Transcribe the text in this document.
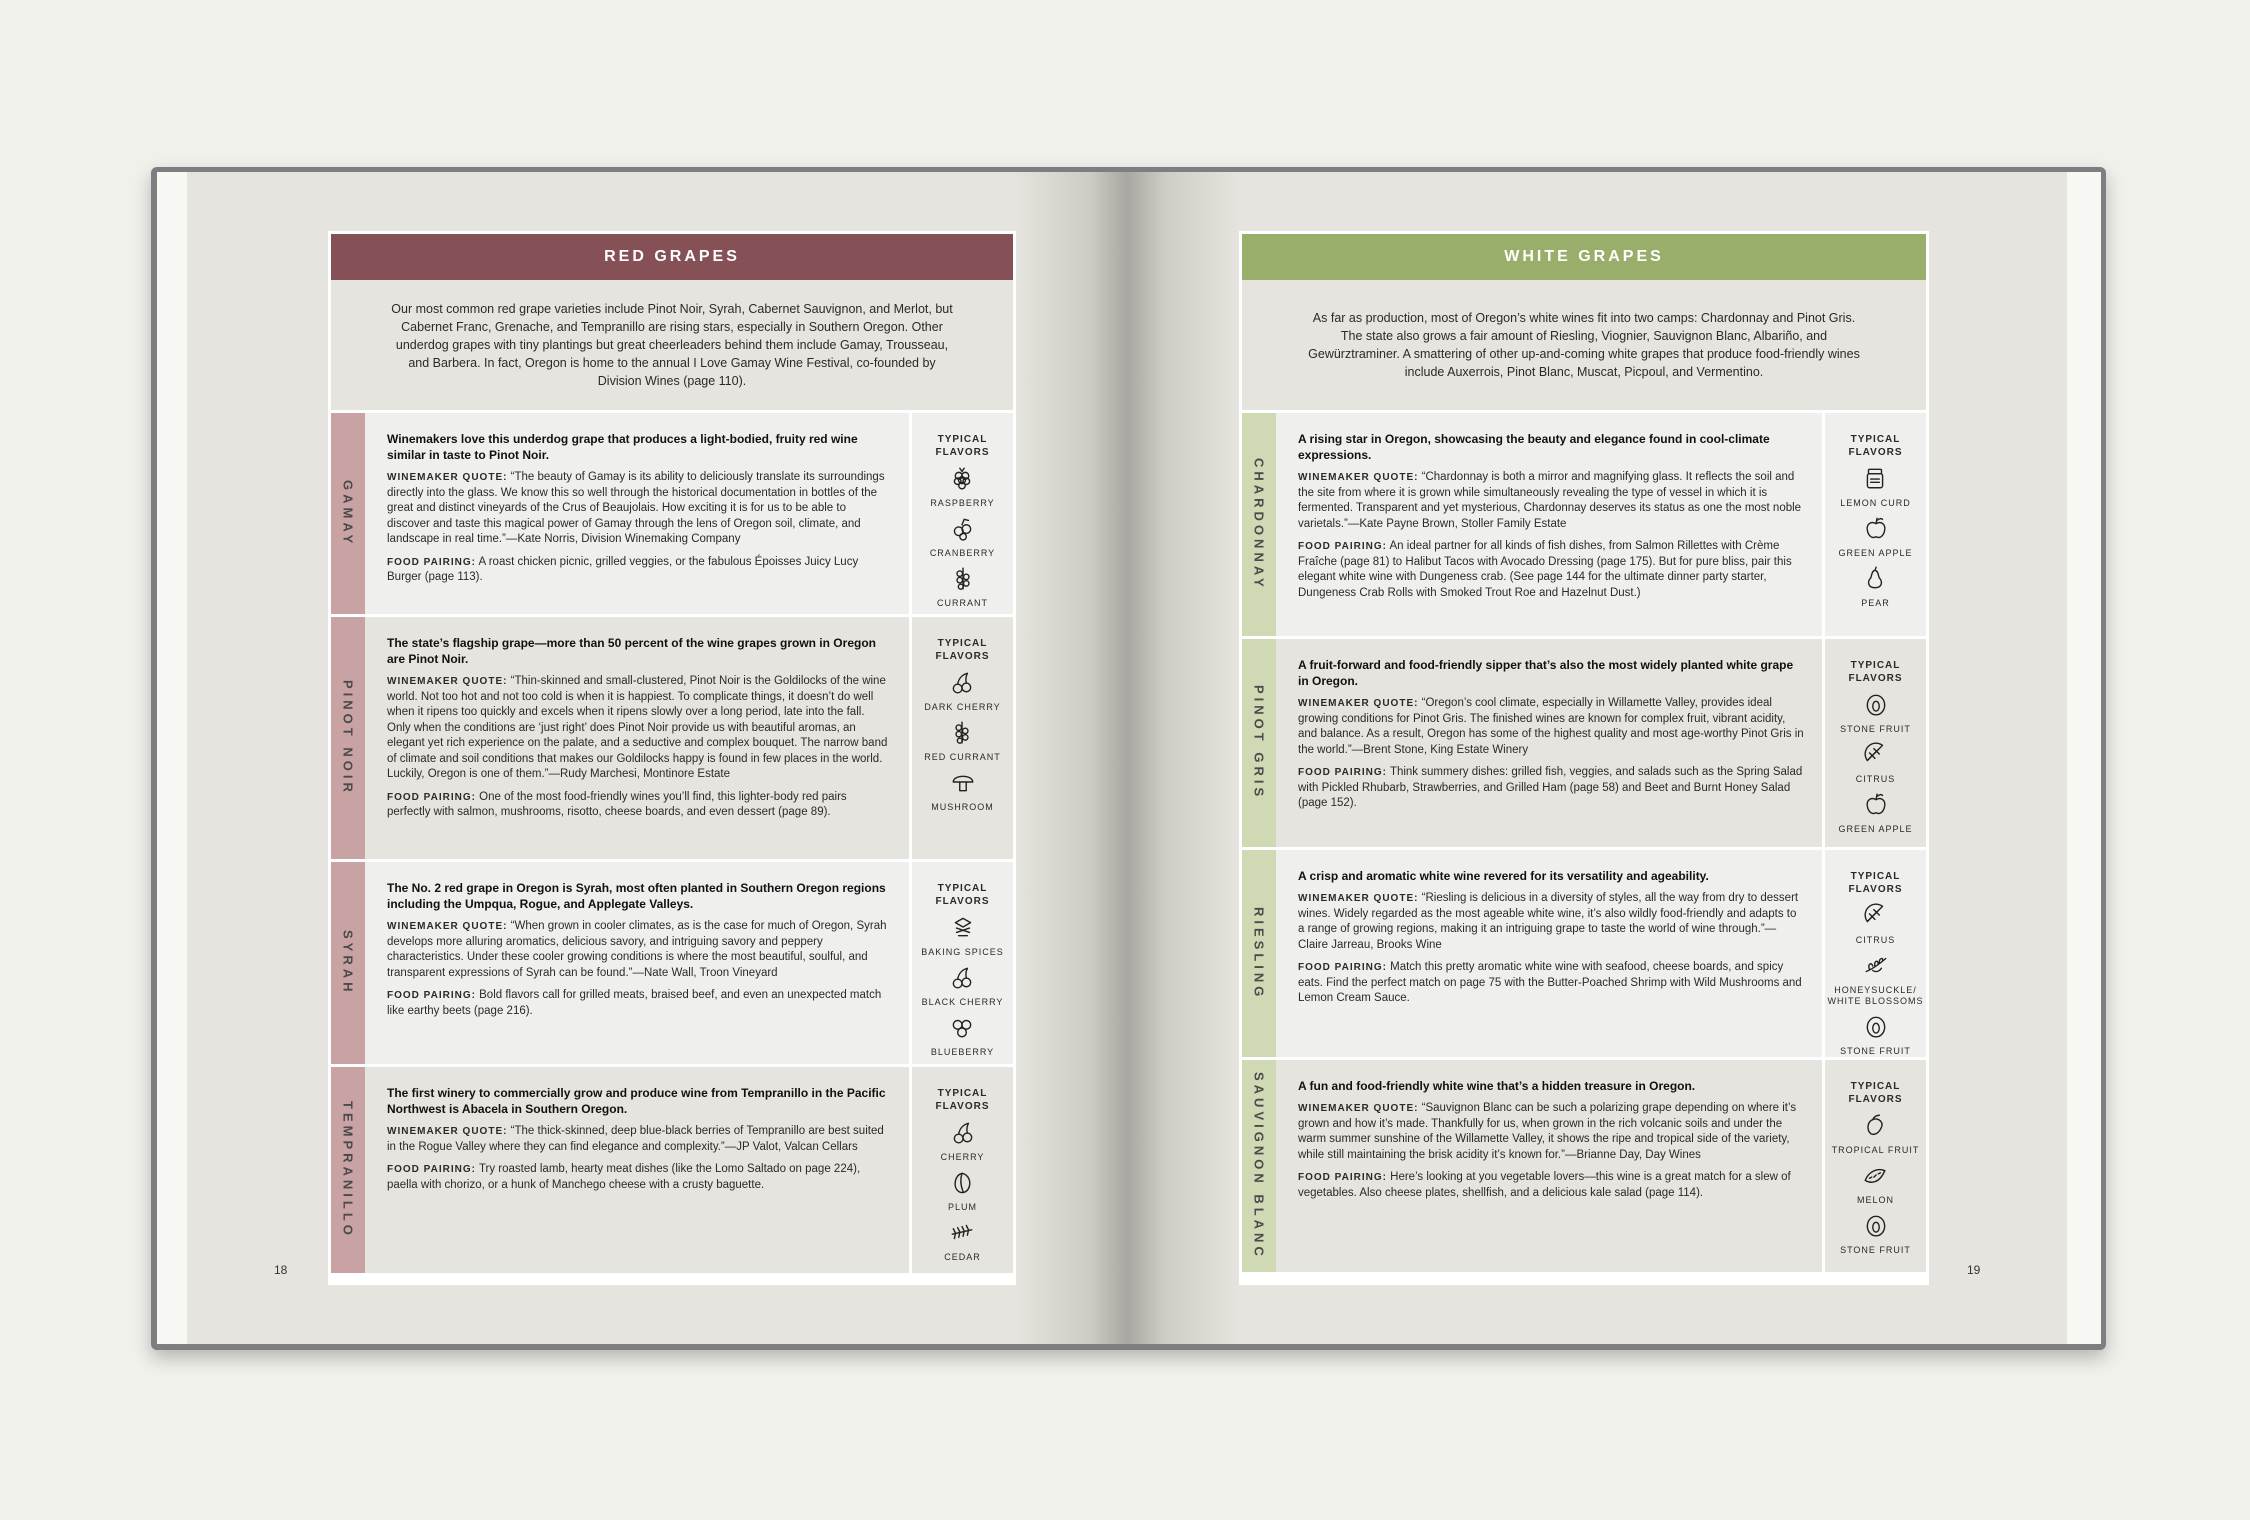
18	19
RED GRAPES
Our most common red grape varieties include Pinot Noir, Syrah, Cabernet Sauvignon, and Merlot, but Cabernet Franc, Grenache, and Tempranillo are rising stars, especially in Southern Oregon. Other underdog grapes with tiny plantings but great cheerleaders behind them include Gamay, Trousseau, and Barbera. In fact, Oregon is home to the annual I Love Gamay Wine Festival, co-founded by Division Wines (page 110).
GAMAY
Winemakers love this underdog grape that produces a light-bodied, fruity red wine similar in taste to Pinot Noir.

WINEMAKER QUOTE: “The beauty of Gamay is its ability to deliciously translate its surroundings directly into the glass. We know this so well through the historical documentation in bottles of the great and distinct vineyards of the Crus of Beaujolais. How exciting it is for us to be able to discover and taste this magical power of Gamay through the lens of Oregon soil, climate, and landscape in real time.”—Kate Norris, Division Winemaking Company

FOOD PAIRING: A roast chicken picnic, grilled veggies, or the fabulous Époisses Juicy Lucy Burger (page 113).

TYPICAL FLAVORS
RASPBERRY
CRANBERRY
CURRANT
PINOT NOIR
The state’s flagship grape—more than 50 percent of the wine grapes grown in Oregon are Pinot Noir.

WINEMAKER QUOTE: “Thin-skinned and small-clustered, Pinot Noir is the Goldilocks of the wine world. Not too hot and not too cold is when it is happiest. To complicate things, it doesn’t do well when it ripens too quickly and excels when it ripens slowly over a long period, late into the fall. Only when the conditions are ‘just right’ does Pinot Noir provide us with beautiful aromas, an elegant yet rich experience on the palate, and a seductive and complex bouquet. The narrow band of climate and soil conditions that makes our Goldilocks happy is found in few places in the world. Luckily, Oregon is one of them.”—Rudy Marchesi, Montinore Estate

FOOD PAIRING: One of the most food-friendly wines you’ll find, this lighter-body red pairs perfectly with salmon, mushrooms, risotto, cheese boards, and even dessert (page 89).

TYPICAL FLAVORS
DARK CHERRY
RED CURRANT
MUSHROOM
SYRAH
The No. 2 red grape in Oregon is Syrah, most often planted in Southern Oregon regions including the Umpqua, Rogue, and Applegate Valleys.

WINEMAKER QUOTE: “When grown in cooler climates, as is the case for much of Oregon, Syrah develops more alluring aromatics, delicious savory, and intriguing savory and peppery characteristics. Under these cooler growing conditions is where the most beautiful, soulful, and transparent expressions of Syrah can be found.”—Nate Wall, Troon Vineyard

FOOD PAIRING: Bold flavors call for grilled meats, braised beef, and even an unexpected match like earthy beets (page 216).

TYPICAL FLAVORS
BAKING SPICES
BLACK CHERRY
BLUEBERRY
TEMPRANILLO
The first winery to commercially grow and produce wine from Tempranillo in the Pacific Northwest is Abacela in Southern Oregon.

WINEMAKER QUOTE: “The thick-skinned, deep blue-black berries of Tempranillo are best suited in the Rogue Valley where they can find elegance and complexity.”—JP Valot, Valcan Cellars

FOOD PAIRING: Try roasted lamb, hearty meat dishes (like the Lomo Saltado on page 224), paella with chorizo, or a hunk of Manchego cheese with a crusty baguette.

TYPICAL FLAVORS
CHERRY
PLUM
CEDAR
WHITE GRAPES
As far as production, most of Oregon’s white wines fit into two camps: Chardonnay and Pinot Gris. The state also grows a fair amount of Riesling, Viognier, Sauvignon Blanc, Albariño, and Gewürztraminer. A smattering of other up-and-coming white grapes that produce food-friendly wines include Auxerrois, Pinot Blanc, Muscat, Picpoul, and Vermentino.
CHARDONNAY
A rising star in Oregon, showcasing the beauty and elegance found in cool-climate expressions.

WINEMAKER QUOTE: “Chardonnay is both a mirror and magnifying glass. It reflects the soil and the site from where it is grown while simultaneously revealing the type of vessel in which it is fermented. Transparent and yet mysterious, Chardonnay deserves its status as one the most noble varietals.”—Kate Payne Brown, Stoller Family Estate

FOOD PAIRING: An ideal partner for all kinds of fish dishes, from Salmon Rillettes with Crème Fraîche (page 81) to Halibut Tacos with Avocado Dressing (page 175). But for pure bliss, pair this elegant white wine with Dungeness crab. (See page 144 for the ultimate dinner party starter, Dungeness Crab Rolls with Smoked Trout Roe and Hazelnut Dust.)

TYPICAL FLAVORS
LEMON CURD
GREEN APPLE
PEAR
PINOT GRIS
A fruit-forward and food-friendly sipper that’s also the most widely planted white grape in Oregon.

WINEMAKER QUOTE: “Oregon’s cool climate, especially in Willamette Valley, provides ideal growing conditions for Pinot Gris. The finished wines are known for complex fruit, vibrant acidity, and balance. As a result, Oregon has some of the highest quality and most age-worthy Pinot Gris in the world.”—Brent Stone, King Estate Winery

FOOD PAIRING: Think summery dishes: grilled fish, veggies, and salads such as the Spring Salad with Pickled Rhubarb, Strawberries, and Grilled Ham (page 58) and Beet and Burnt Honey Salad (page 152).

TYPICAL FLAVORS
STONE FRUIT
CITRUS
GREEN APPLE
RIESLING
A crisp and aromatic white wine revered for its versatility and ageability.

WINEMAKER QUOTE: “Riesling is delicious in a diversity of styles, all the way from dry to dessert wines. Widely regarded as the most ageable white wine, it’s also wildly food-friendly and adapts to a range of growing regions, making it an intriguing grape to taste the world of wine through.”—Claire Jarreau, Brooks Wine

FOOD PAIRING: Match this pretty aromatic white wine with seafood, cheese boards, and spicy eats. Find the perfect match on page 75 with the Butter-Poached Shrimp with Wild Mushrooms and Lemon Cream Sauce.

TYPICAL FLAVORS
CITRUS
HONEYSUCKLE/ WHITE BLOSSOMS
STONE FRUIT
SAUVIGNON BLANC	A fun and food-friendly white wine that’s a hidden treasure in Oregon.

WINEMAKER QUOTE: “Sauvignon Blanc can be such a polarizing grape depending on where it’s grown and how it’s made. Thankfully for us, when grown in the rich volcanic soils and under the warm summer sunshine of the Willamette Valley, it shows the ripe and tropical side of the variety, while still maintaining the brisk acidity it’s known for.”—Brianne Day, Day Wines

FOOD PAIRING: Here’s looking at you vegetable lovers—this wine is a great match for a slew of vegetables. Also cheese plates, shellfish, and a delicious kale salad (page 114).

TYPICAL FLAVORS
TROPICAL FRUIT
MELON
STONE FRUIT
